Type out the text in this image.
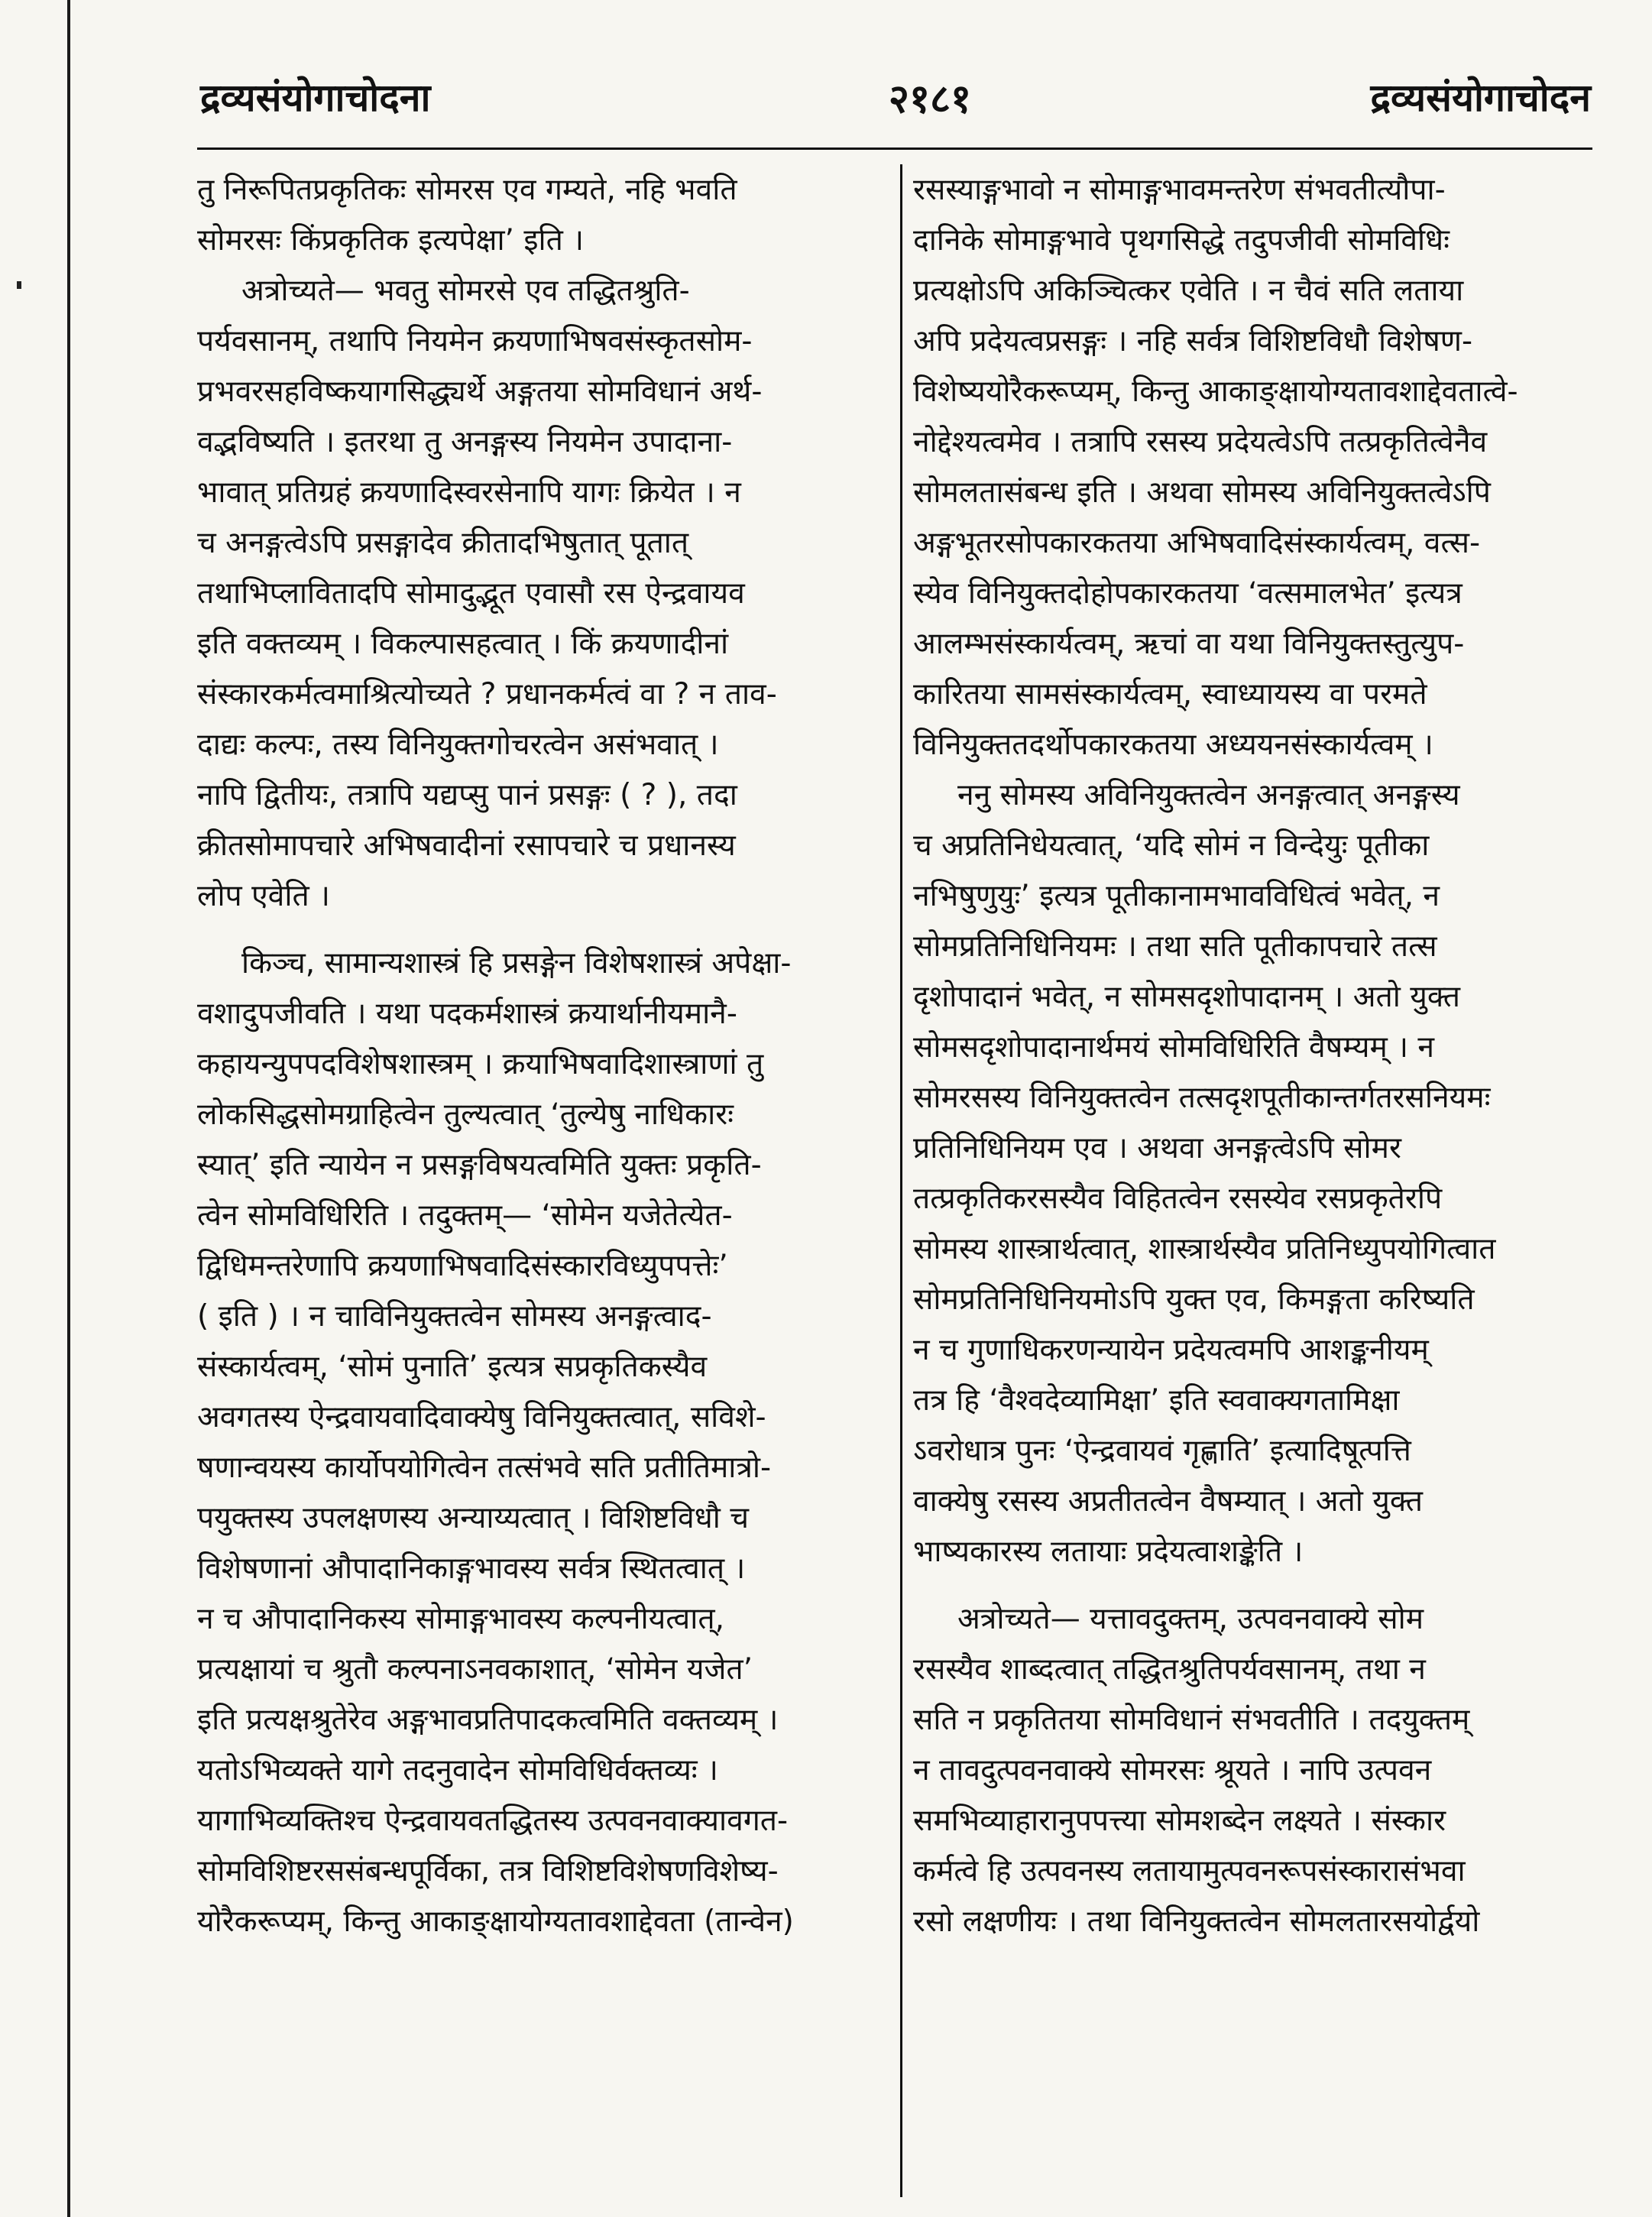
द्रव्यसंयोगाचोदना	२१८१	द्रव्यसंयोगाचोदन
तु निरूपितप्रकृतिकः सोमरस एव गम्यते, नहि भवति
सोमरसः किंप्रकृतिक इत्यपेक्षा’ इति ।
अत्रोच्यते— भवतु सोमरसे एव तद्धितश्रुति-
पर्यवसानम्, तथापि नियमेन क्रयणाभिषवसंस्कृतसोम-
प्रभवरसहविष्कयागसिद्ध्यर्थे अङ्गतया सोमविधानं अर्थ-
वद्भविष्यति । इतरथा तु अनङ्गस्य नियमेन उपादाना-
भावात् प्रतिग्रहं क्रयणादिस्वरसेनापि यागः क्रियेत । न
च अनङ्गत्वेऽपि प्रसङ्गादेव क्रीतादभिषुतात् पूतात्
तथाभिप्लावितादपि सोमादुद्भूत एवासौ रस ऐन्द्रवायव
इति वक्तव्यम् । विकल्पासहत्वात् । किं क्रयणादीनां
संस्कारकर्मत्वमाश्रित्योच्यते ? प्रधानकर्मत्वं वा ? न ताव-
दाद्यः कल्पः, तस्य विनियुक्तगोचरत्वेन असंभवात् ।
नापि द्वितीयः, तत्रापि यद्यप्सु पानं प्रसङ्गः ( ? ), तदा
क्रीतसोमापचारे अभिषवादीनां रसापचारे च प्रधानस्य
लोप एवेति ।
किञ्च, सामान्यशास्त्रं हि प्रसङ्गेन विशेषशास्त्रं अपेक्षा-
वशादुपजीवति । यथा पदकर्मशास्त्रं क्रयार्थानीयमानै-
कहायन्युपपदविशेषशास्त्रम् । क्रयाभिषवादिशास्त्राणां तु
लोकसिद्धसोमग्राहित्वेन तुल्यत्वात् ‘तुल्येषु नाधिकारः
स्यात्’ इति न्यायेन न प्रसङ्गविषयत्वमिति युक्तः प्रकृति-
त्वेन सोमविधिरिति । तदुक्तम्— ‘सोमेन यजेतेत्येत-
द्विधिमन्तरेणापि क्रयणाभिषवादिसंस्कारविध्युपपत्तेः’
( इति ) । न चाविनियुक्तत्वेन सोमस्य अनङ्गत्वाद-
संस्कार्यत्वम्, ‘सोमं पुनाति’ इत्यत्र सप्रकृतिकस्यैव
अवगतस्य ऐन्द्रवायवादिवाक्येषु विनियुक्तत्वात्, सविशे-
षणान्वयस्य कार्योपयोगित्वेन तत्संभवे सति प्रतीतिमात्रो-
पयुक्तस्य उपलक्षणस्य अन्याय्यत्वात् । विशिष्टविधौ च
विशेषणानां औपादानिकाङ्गभावस्य सर्वत्र स्थितत्वात् ।
न च औपादानिकस्य सोमाङ्गभावस्य कल्पनीयत्वात्,
प्रत्यक्षायां च श्रुतौ कल्पनाऽनवकाशात्, ‘सोमेन यजेत’
इति प्रत्यक्षश्रुतेरेव अङ्गभावप्रतिपादकत्वमिति वक्तव्यम् ।
यतोऽभिव्यक्ते यागे तदनुवादेन सोमविधिर्वक्तव्यः ।
यागाभिव्यक्तिश्च ऐन्द्रवायवतद्धितस्य उत्पवनवाक्यावगत-
सोमविशिष्टरससंबन्धपूर्विका, तत्र विशिष्टविशेषणविशेष्य-
योरैकरूप्यम्, किन्तु आकाङ्क्षायोग्यतावशाद्देवता (तान्वेन)
रसस्याङ्गभावो न सोमाङ्गभावमन्तरेण संभवतीत्यौपा-
दानिके सोमाङ्गभावे पृथगसिद्धे तदुपजीवी सोमविधिः
प्रत्यक्षोऽपि अकिञ्चित्कर एवेति । न चैवं सति लताया
अपि प्रदेयत्वप्रसङ्गः । नहि सर्वत्र विशिष्टविधौ विशेषण-
विशेष्ययोरैकरूप्यम्, किन्तु आकाङ्क्षायोग्यतावशाद्देवतात्वे-
नोद्देश्यत्वमेव । तत्रापि रसस्य प्रदेयत्वेऽपि तत्प्रकृतित्वेनैव
सोमलतासंबन्ध इति । अथवा सोमस्य अविनियुक्तत्वेऽपि
अङ्गभूतरसोपकारकतया अभिषवादिसंस्कार्यत्वम्, वत्स-
स्येव विनियुक्तदोहोपकारकतया ‘वत्समालभेत’ इत्यत्र
आलम्भसंस्कार्यत्वम्, ऋचां वा यथा विनियुक्तस्तुत्युप-
कारितया सामसंस्कार्यत्वम्, स्वाध्यायस्य वा परमते
विनियुक्ततदर्थोपकारकतया अध्ययनसंस्कार्यत्वम् ।
ननु सोमस्य अविनियुक्तत्वेन अनङ्गत्वात् अनङ्गस्य
च अप्रतिनिधेयत्वात्, ‘यदि सोमं न विन्देयुः पूतीका
नभिषुणुयुः’ इत्यत्र पूतीकानामभावविधित्वं भवेत्, न
सोमप्रतिनिधिनियमः । तथा सति पूतीकापचारे तत्स
दृशोपादानं भवेत्, न सोमसदृशोपादानम् । अतो युक्त
सोमसदृशोपादानार्थमयं सोमविधिरिति वैषम्यम् । न
सोमरसस्य विनियुक्तत्वेन तत्सदृशपूतीकान्तर्गतरसनियमः
प्रतिनिधिनियम एव । अथवा अनङ्गत्वेऽपि सोमर
तत्प्रकृतिकरसस्यैव विहितत्वेन रसस्येव रसप्रकृतेरपि
सोमस्य शास्त्रार्थत्वात्, शास्त्रार्थस्यैव प्रतिनिध्युपयोगित्वात
सोमप्रतिनिधिनियमोऽपि युक्त एव, किमङ्गता करिष्यति
न च गुणाधिकरणन्यायेन प्रदेयत्वमपि आशङ्कनीयम्
तत्र हि ‘वैश्वदेव्यामिक्षा’ इति स्ववाक्यगतामिक्षा
ऽवरोधात्र पुनः ‘ऐन्द्रवायवं गृह्णाति’ इत्यादिषूत्पत्ति
वाक्येषु रसस्य अप्रतीतत्वेन वैषम्यात् । अतो युक्त
भाष्यकारस्य लतायाः प्रदेयत्वाशङ्केति ।
अत्रोच्यते— यत्तावदुक्तम्, उत्पवनवाक्ये सोम
रसस्यैव शाब्दत्वात् तद्धितश्रुतिपर्यवसानम्, तथा न
सति न प्रकृतितया सोमविधानं संभवतीति । तदयुक्तम्
न तावदुत्पवनवाक्ये सोमरसः श्रूयते । नापि उत्पवन
समभिव्याहारानुपपत्त्या सोमशब्देन लक्ष्यते । संस्कार
कर्मत्वे हि उत्पवनस्य लतायामुत्पवनरूपसंस्कारासंभवा
रसो लक्षणीयः । तथा विनियुक्तत्वेन सोमलतारसयोर्द्वयो
